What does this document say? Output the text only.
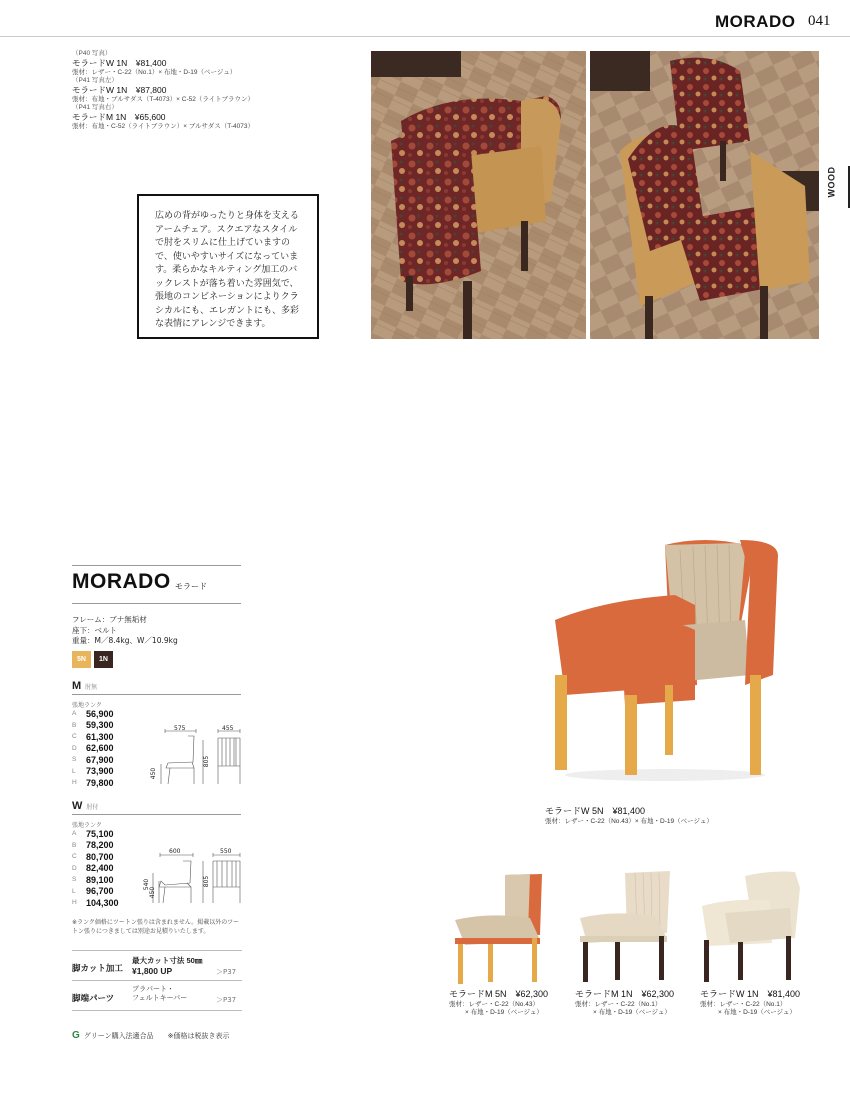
MORADO 041
WOOD
（P40 写真）
モラードW 1N　¥81,400
張材：レザー・C-22（No.1）× 布地・D-19（ベージュ）
（P41 写真左）
モラードW 1N　¥87,800
張材：布地・ブルサダス（T-4073）× C-52（ライトブラウン）
（P41 写真右）
モラードM 1N　¥65,600
張材：布地・C-52（ライトブラウン）× ブルサダス（T-4073）

広めの背がゆったりと身体を支えるアームチェア。スクエアなスタイルで肘をスリムに仕上げていますので、使いやすいサイズになっています。柔らかなキルティング加工のバックレストが落ち着いた雰囲気で、張地のコンビネーションによりクラシカルにも、エレガントにも、多彩な表情にアレンジできます。

MORADO モラード
フレーム：ブナ無垢材
座下：ベルト
重量：M／8.4kg、W／10.9kg
5N	1N
M肘無
張地ランク
A	56,900
B	59,300
C	61,300
D	62,600
S	67,900
L	73,900
H	79,800
575	455
805
450
W肘付
張地ランク
A	75,100
B	78,200
C	80,700
D	82,400
S	89,100
L	96,700
H	104,300
600	550
805
540
450
※ランク価格にツートン張りは含まれません。掲載以外のツートン張りにつきましては別途お見積りいたします。
脚カット加工
最大カット寸法 50㎜
¥1,800 UP	＞P37
脚端パーツ
ブラパート・
フェルトキーパー	＞P37
G グリーン購入法適合品 ※価格は税抜き表示
モラードW 5N　¥81,400
張材：レザー・C-22（No.43）× 布地・D-19（ベージュ）
モラードM 5N　¥62,300
張材：レザー・C-22（No.43）
× 布地・D-19（ベージュ）
モラードM 1N　¥62,300
張材：レザー・C-22（No.1）
× 布地・D-19（ベージュ）
モラードW 1N　¥81,400
張材：レザー・C-22（No.1）
× 布地・D-19（ベージュ）
